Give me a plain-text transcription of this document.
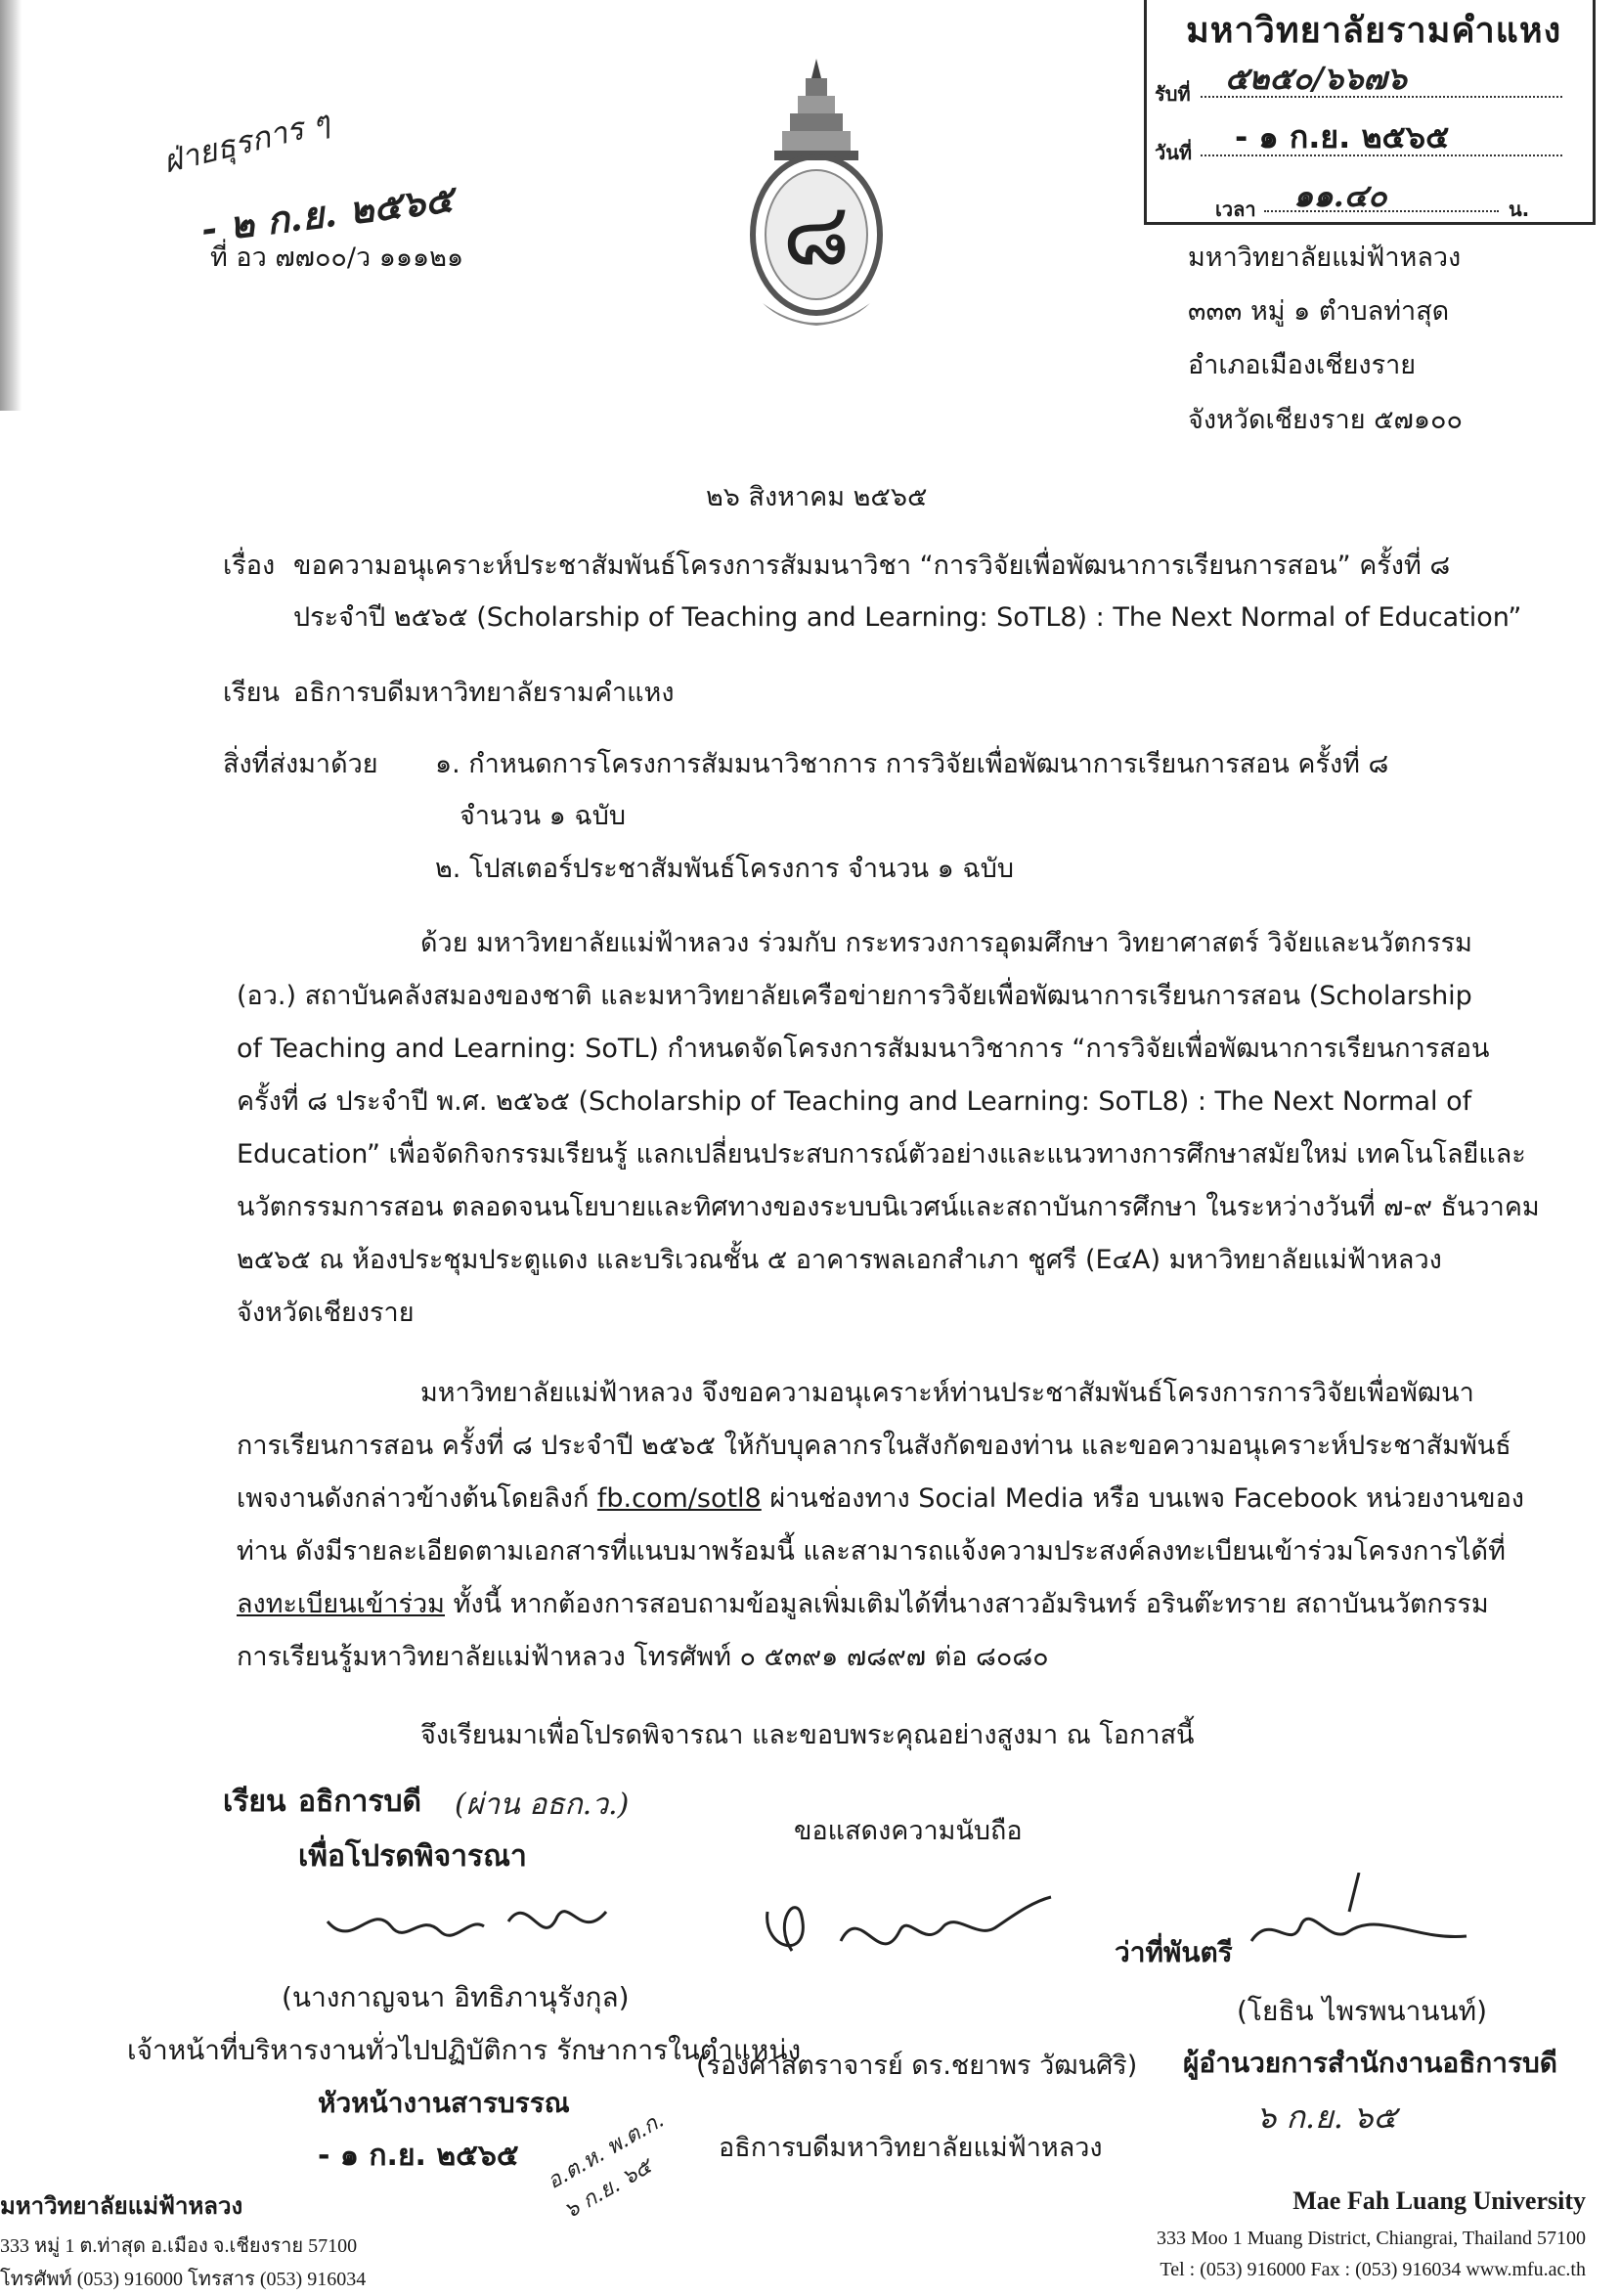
มหาวิทยาลัยรามคำแหง
รับที่ ๕๒๕๐/๖๖๗๖
วันที่ - ๑ ก.ย. ๒๕๖๕
เวลา ๑๑.๔๐	น.
ฝ่ายธุรการ ๆ
- ๒ ก.ย. ๒๕๖๕
ที่ อว ๗๗๐๐/ว ๑๑๑๒๑	๘	มหาวิทยาลัยแม่ฟ้าหลวง
๓๓๓ หมู่ ๑ ตำบลท่าสุด
อำเภอเมืองเชียงราย
จังหวัดเชียงราย ๕๗๑๐๐
๒๖ สิงหาคม ๒๕๖๕
เรื่อง ขอความอนุเคราะห์ประชาสัมพันธ์โครงการสัมมนาวิชา “การวิจัยเพื่อพัฒนาการเรียนการสอน” ครั้งที่ ๘
ประจำปี ๒๕๖๕ (Scholarship of Teaching and Learning: SoTL8) : The Next Normal of Education”
เรียน อธิการบดีมหาวิทยาลัยรามคำแหง
สิ่งที่ส่งมาด้วย ๑. กำหนดการโครงการสัมมนาวิชาการ การวิจัยเพื่อพัฒนาการเรียนการสอน ครั้งที่ ๘
จำนวน ๑ ฉบับ
๒. โปสเตอร์ประชาสัมพันธ์โครงการ จำนวน ๑ ฉบับ
ด้วย มหาวิทยาลัยแม่ฟ้าหลวง ร่วมกับ กระทรวงการอุดมศึกษา วิทยาศาสตร์ วิจัยและนวัตกรรม
(อว.) สถาบันคลังสมองของชาติ และมหาวิทยาลัยเครือข่ายการวิจัยเพื่อพัฒนาการเรียนการสอน (Scholarship
of Teaching and Learning: SoTL) กำหนดจัดโครงการสัมมนาวิชาการ “การวิจัยเพื่อพัฒนาการเรียนการสอน
ครั้งที่ ๘ ประจำปี พ.ศ. ๒๕๖๕ (Scholarship of Teaching and Learning: SoTL8) : The Next Normal of
Education” เพื่อจัดกิจกรรมเรียนรู้ แลกเปลี่ยนประสบการณ์ตัวอย่างและแนวทางการศึกษาสมัยใหม่ เทคโนโลยีและ
นวัตกรรมการสอน ตลอดจนนโยบายและทิศทางของระบบนิเวศน์และสถาบันการศึกษา ในระหว่างวันที่ ๗-๙ ธันวาคม
๒๕๖๕ ณ ห้องประชุมประตูแดง และบริเวณชั้น ๕ อาคารพลเอกสำเภา ชูศรี (E๔A) มหาวิทยาลัยแม่ฟ้าหลวง
จังหวัดเชียงราย
มหาวิทยาลัยแม่ฟ้าหลวง จึงขอความอนุเคราะห์ท่านประชาสัมพันธ์โครงการการวิจัยเพื่อพัฒนา
การเรียนการสอน ครั้งที่ ๘ ประจำปี ๒๕๖๕ ให้กับบุคลากรในสังกัดของท่าน และขอความอนุเคราะห์ประชาสัมพันธ์
เพจงานดังกล่าวข้างต้นโดยลิงก์ fb.com/sotl8 ผ่านช่องทาง Social Media หรือ บนเพจ Facebook หน่วยงานของ
ท่าน ดังมีรายละเอียดตามเอกสารที่แนบมาพร้อมนี้ และสามารถแจ้งความประสงค์ลงทะเบียนเข้าร่วมโครงการได้ที่
ลงทะเบียนเข้าร่วม ทั้งนี้ หากต้องการสอบถามข้อมูลเพิ่มเติมได้ที่นางสาวอัมรินทร์ อรินต๊ะทราย สถาบันนวัตกรรม
การเรียนรู้มหาวิทยาลัยแม่ฟ้าหลวง โทรศัพท์ ๐ ๕๓๙๑ ๗๘๙๗ ต่อ ๘๐๘๐
จึงเรียนมาเพื่อโปรดพิจารณา และขอบพระคุณอย่างสูงมา ณ โอกาสนี้
เรียน อธิการบดี (ผ่าน อธก.ว.)
เพื่อโปรดพิจารณา
(นางกาญจนา อิทธิภานุรังกุล)
เจ้าหน้าที่บริหารงานทั่วไปปฏิบัติการ รักษาการในตำแหน่ง
หัวหน้างานสารบรรณ
- ๑ ก.ย. ๒๕๖๕ อ.ต.ห. พ.ต.ก. ๖ ก.ย. ๖๕
ขอแสดงความนับถือ
(รองศาสตราจารย์ ดร.ชยาพร วัฒนศิริ)
อธิการบดีมหาวิทยาลัยแม่ฟ้าหลวง
ว่าที่พันตรี
(โยธิน ไพรพนานนท์)
ผู้อำนวยการสำนักงานอธิการบดี
๖ ก.ย. ๖๕
มหาวิทยาลัยแม่ฟ้าหลวง
333 หมู่ 1 ต.ท่าสุด อ.เมือง จ.เชียงราย 57100
โทรศัพท์ (053) 916000 โทรสาร (053) 916034
Mae Fah Luang University
333 Moo 1 Muang District, Chiangrai, Thailand 57100
Tel : (053) 916000 Fax : (053) 916034 www.mfu.ac.th
